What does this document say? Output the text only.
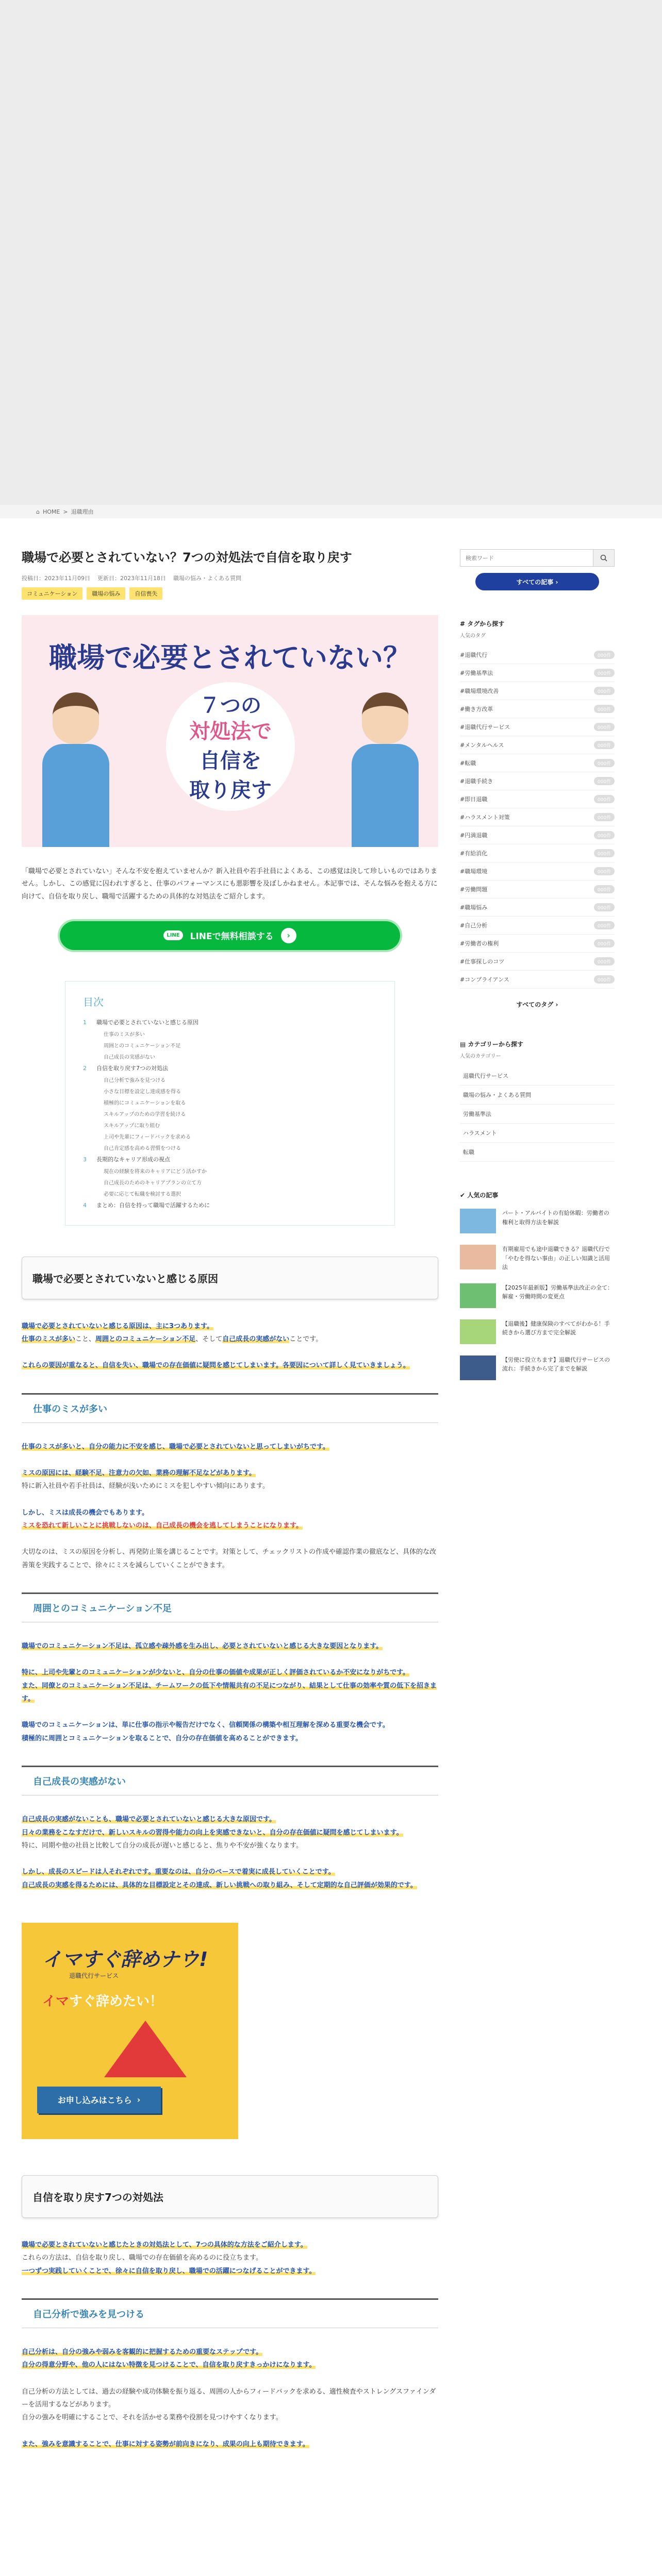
⌂ HOME > 退職理由
職場で必要とされていない？7つの対処法で自信を取り戻す
投稿日：2023年11月09日 更新日：2023年11月18日 職場の悩み・よくある質問
コミュニケーション	職場の悩み	自信喪失
職場で必要とされていない？
７つの
対処法で
自信を
取り戻す

「職場で必要とされていない」そんな不安を抱えていませんか？新入社員や若手社員によくある、この感覚は決して珍しいものではありません。しかし、この感覚に囚われすぎると、仕事のパフォーマンスにも悪影響を及ぼしかねません。本記事では、そんな悩みを抱える方に向けて、自信を取り戻し、職場で活躍するための具体的な対処法をご紹介します。

LINE	LINEで無料相談する	›
目次
1 職場で必要とされていないと感じる原因
仕事のミスが多い
周囲とのコミュニケーション不足
自己成長の実感がない
2 自信を取り戻す7つの対処法
自己分析で強みを見つける
小さな目標を設定し達成感を得る
積極的にコミュニケーションを取る
スキルアップのための学習を続ける
スキルアップに取り組む
上司や先輩にフィードバックを求める
自己肯定感を高める習慣をつける
3 長期的なキャリア形成の視点
現在の経験を将来のキャリアにどう活かすか
自己成長のためのキャリアプランの立て方
必要に応じて転職を検討する選択
4 まとめ：自信を持って職場で活躍するために
職場で必要とされていないと感じる原因

職場で必要とされていないと感じる原因は、主に3つあります。
仕事のミスが多いこと、周囲とのコミュニケーション不足、そして自己成長の実感がないことです。

これらの要因が重なると、自信を失い、職場での存在価値に疑問を感じてしまいます。各要因について詳しく見ていきましょう。

仕事のミスが多い

仕事のミスが多いと、自分の能力に不安を感じ、職場で必要とされていないと思ってしまいがちです。

ミスの原因には、経験不足、注意力の欠如、業務の理解不足などがあります。
特に新入社員や若手社員は、経験が浅いためにミスを犯しやすい傾向にあります。

しかし、ミスは成長の機会でもあります。
ミスを恐れて新しいことに挑戦しないのは、自己成長の機会を逃してしまうことになります。

大切なのは、ミスの原因を分析し、再発防止策を講じることです。対策として、チェックリストの作成や確認作業の徹底など、具体的な改善策を実践することで、徐々にミスを減らしていくことができます。

周囲とのコミュニケーション不足

職場でのコミュニケーション不足は、孤立感や疎外感を生み出し、必要とされていないと感じる大きな要因となります。

特に、上司や先輩とのコミュニケーションが少ないと、自分の仕事の価値や成果が正しく評価されているか不安になりがちです。
また、同僚とのコミュニケーション不足は、チームワークの低下や情報共有の不足につながり、結果として仕事の効率や質の低下を招きます。

職場でのコミュニケーションは、単に仕事の指示や報告だけでなく、信頼関係の構築や相互理解を深める重要な機会です。
積極的に周囲とコミュニケーションを取ることで、自分の存在価値を高めることができます。

自己成長の実感がない

自己成長の実感がないことも、職場で必要とされていないと感じる大きな原因です。
日々の業務をこなすだけで、新しいスキルの習得や能力の向上を実感できないと、自分の存在価値に疑問を感じてしまいます。
特に、同期や他の社員と比較して自分の成長が遅いと感じると、焦りや不安が強くなります。

しかし、成長のスピードは人それぞれです。重要なのは、自分のペースで着実に成長していくことです。
自己成長の実感を得るためには、具体的な目標設定とその達成、新しい挑戦への取り組み、そして定期的な自己評価が効果的です。

イマすぐ辞めナウ!
退職代行サービス
イマすぐ辞めたい！
お申し込みはこちら ›
自信を取り戻す7つの対処法

職場で必要とされていないと感じたときの対処法として、7つの具体的な方法をご紹介します。
これらの方法は、自信を取り戻し、職場での存在価値を高めるのに役立ちます。
一つずつ実践していくことで、徐々に自信を取り戻し、職場での活躍につなげることができます。

自己分析で強みを見つける

自己分析は、自分の強みや弱みを客観的に把握するための重要なステップです。
自分の得意分野や、他の人にはない特徴を見つけることで、自信を取り戻すきっかけになります。

自己分析の方法としては、過去の経験や成功体験を振り返る、周囲の人からフィードバックを求める、適性検査やストレングスファインダーを活用するなどがあります。
自分の強みを明確にすることで、それを活かせる業務や役割を見つけやすくなります。

また、強みを意識することで、仕事に対する姿勢が前向きになり、成果の向上も期待できます。

検索ワード
すべての記事 ›
# タグから探す
人気のタグ
#退職代行	000件
#労働基準法	000件
#職場環境改善	000件
#働き方改革	000件
#退職代行サービス	000件
#メンタルヘルス	000件
#転職	000件
#退職手続き	000件
#即日退職	000件
#ハラスメント対策	000件
#円満退職	000件
#有給消化	000件
#職場環境	000件
#労働問題	000件
#職場悩み	000件
#自己分析	000件
#労働者の権利	000件
#仕事探しのコツ	000件
#コンプライアンス	000件
すべてのタグ ›
▤ カテゴリーから探す
人気のカテゴリー
退職代行サービス
職場の悩み・よくある質問
労働基準法
ハラスメント
転職
✔ 人気の記事
パート・アルバイトの有給休暇：労働者の権利と取得方法を解説
有期雇用でも途中退職できる？退職代行で「やむを得ない事由」の正しい知識と活用法
【2025年最新版】労働基準法改正の全て：解雇・労働時間の変更点
【退職後】健康保険のすべてがわかる！手続きから選び方まで完全解説
【労使に役立ちます】退職代行サービスの流れ：手続きから完了までを解説
